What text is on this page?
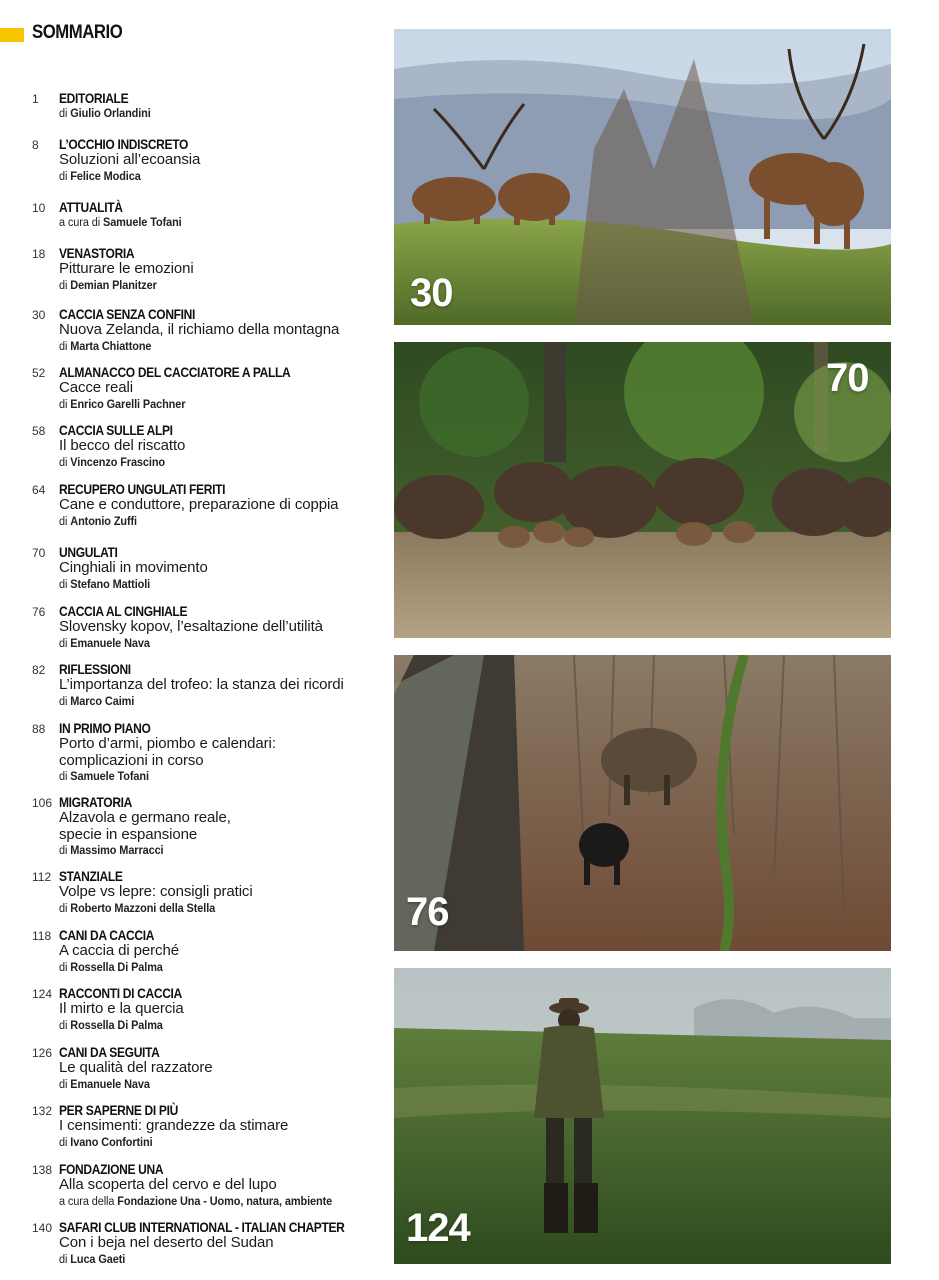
SOMMARIO
1 EDITORIALE
di Giulio Orlandini
8 L’OCCHIO INDISCRETO
Soluzioni all’ecoansia
di Felice Modica
10 ATTUALITÀ
a cura di Samuele Tofani
18 VENASTORIA
Pitturare le emozioni
di Demian Planitzer
30 CACCIA SENZA CONFINI
Nuova Zelanda, il richiamo della montagna
di Marta Chiattone
52 ALMANACCO DEL CACCIATORE A PALLA
Cacce reali
di Enrico Garelli Pachner
58 CACCIA SULLE ALPI
Il becco del riscatto
di Vincenzo Frascino
64 RECUPERO UNGULATI FERITI
Cane e conduttore, preparazione di coppia
di Antonio Zuffi
70 UNGULATI
Cinghiali in movimento
di Stefano Mattioli
76 CACCIA AL CINGHIALE
Slovensky kopov, l’esaltazione dell’utilità
di Emanuele Nava
82 RIFLESSIONI
L’importanza del trofeo: la stanza dei ricordi
di Marco Caimi
88 IN PRIMO PIANO
Porto d’armi, piombo e calendari:
complicazioni in corso
di Samuele Tofani
106 MIGRATORIA
Alzavola e germano reale,
specie in espansione
di Massimo Marracci
112 STANZIALE
Volpe vs lepre: consigli pratici
di Roberto Mazzoni della Stella
118 CANI DA CACCIA
A caccia di perché
di Rossella Di Palma
124 RACCONTI DI CACCIA
Il mirto e la quercia
di Rossella Di Palma
126 CANI DA SEGUITA
Le qualità del razzatore
di Emanuele Nava
132 PER SAPERNE DI PIÙ
I censimenti: grandezze da stimare
di Ivano Confortini
138 FONDAZIONE UNA
Alla scoperta del cervo e del lupo
a cura della Fondazione Una - Uomo, natura, ambiente
140 SAFARI CLUB INTERNATIONAL - ITALIAN CHAPTER
Con i beja nel deserto del Sudan
di Luca Gaeti
30
70
76
124
